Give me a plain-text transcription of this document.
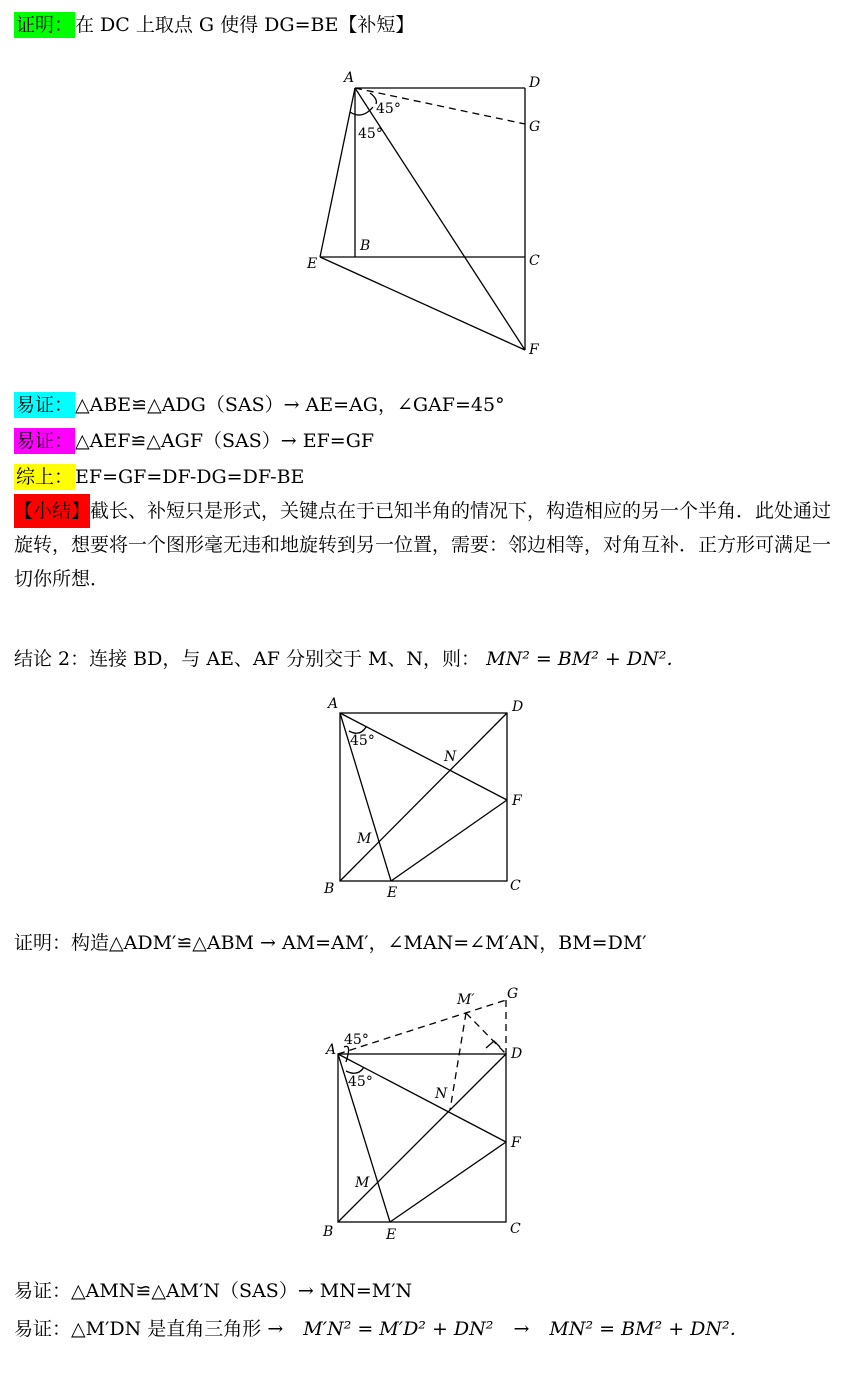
证明： 在 DC 上取点 G 使得 DG=BE【补短】
A	D
G
B
C
E
F
45°
45°
易证： △ABE≌△ADG（SAS）→ AE=AG，∠GAF=45°
易证： △AEF≌△AGF（SAS）→ EF=GF
综上： EF=GF=DF-DG=DF-BE
【小结】截长、补短只是形式，关键点在于已知半角的情况下，构造相应的另一个半角．此处通过旋转，想要将一个图形毫无违和地旋转到另一位置，需要：邻边相等，对角互补．正方形可满足一切你所想．
结论 2：连接 BD，与 AE、AF 分别交于 M、N，则： MN² = BM² + DN²．
A	D
F
N
M
B	E	C
45°
证明：构造△ADM′≌△ABM → AM=AM′，∠MAN=∠M′AN，BM=DM′
M′ G
A	D
N
F
M
B	E	C
45°
45°
易证：△AMN≌△AM′N（SAS）→ MN=M′N
易证：△M′DN 是直角三角形 → M′N² = M′D² + DN² → MN² = BM² + DN²．
